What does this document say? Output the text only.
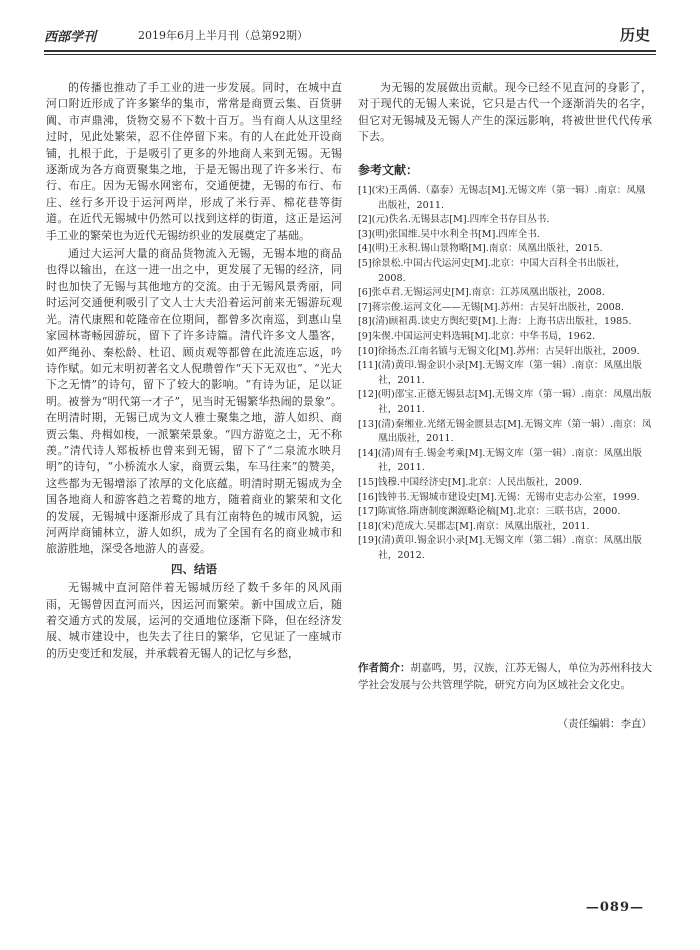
西部学刊	2019年6月上半月刊（总第92期）	历史

的传播也推动了手工业的进一步发展。同时，在城中直河口附近形成了许多繁华的集市，常常是商贾云集、百货骈阗、市声鼎沸，货物交易不下数十百万。当有商人从这里经过时，见此处繁荣，忍不住停留下来。有的人在此处开设商铺，扎根于此，于是吸引了更多的外地商人来到无锡。无锡逐渐成为各方商贾聚集之地，于是无锡出现了许多米行、布行、布庄。因为无锡水网密布，交通便捷，无锡的布行、布庄、丝行多开设于运河两岸，形成了米行弄、棉花巷等街道。在近代无锡城中仍然可以找到这样的街道，这正是运河手工业的繁荣也为近代无锡纺织业的发展奠定了基础。

通过大运河大量的商品货物流入无锡，无锡本地的商品也得以输出，在这一进一出之中，更发展了无锡的经济，同时也加快了无锡与其他地方的交流。由于无锡风景秀丽，同时运河交通便利吸引了文人士大夫沿着运河前来无锡游玩观光。清代康熙和乾隆帝在位期间，都曾多次南巡，到惠山皇家园林寄畅园游玩，留下了许多诗篇。清代许多文人墨客，如严绳孙、秦松龄、杜诏、顾贞观等都曾在此流连忘返，吟诗作赋。如元末明初著名文人倪瓒曾作“天下无双也”、“光大下之无情”的诗句，留下了较大的影响。“有诗为证，足以证明。被誉为“明代第一才子”，见当时无锡繁华热闹的景象”。在明清时期，无锡已成为文人雅士聚集之地，游人如织、商贾云集、舟楫如梭，一派繁荣景象。“四方游览之士，无不称羡。”清代诗人郑板桥也曾来到无锡，留下了“二泉流水映月明”的诗句，“小桥流水人家，商贾云集，车马往来”的赞美，这些都为无锡增添了浓厚的文化底蕴。明清时期无锡成为全国各地商人和游客趋之若鹜的地方，随着商业的繁荣和文化的发展，无锡城中逐渐形成了具有江南特色的城市风貌，运河两岸商铺林立，游人如织，成为了全国有名的商业城市和旅游胜地，深受各地游人的喜爱。

四、结语

无锡城中直河陪伴着无锡城历经了数千多年的风风雨雨，无锡曾因直河而兴，因运河而繁荣。新中国成立后，随着交通方式的发展，运河的交通地位逐渐下降，但在经济发展、城市建设中，也失去了往日的繁华，它见证了一座城市的历史变迁和发展，并承载着无锡人的记忆与乡愁，

为无锡的发展做出贡献。现今已经不见直河的身影了，对于现代的无锡人来说，它只是古代一个逐渐消失的名字，但它对无锡城及无锡人产生的深远影响，将被世世代代传承下去。

参考文献：

[1](宋)王禹偁.（嘉泰）无锡志[M].无锡文库（第一辑）.南京：凤凰出版社，2011.
[2](元)佚名.无锡县志[M].四库全书存目丛书.
[3](明)张国维.吴中水利全书[M].四库全书.
[4](明)王永积.锡山景物略[M].南京：凤凰出版社，2015.
[5]徐景松.中国古代运河史[M].北京：中国大百科全书出版社，2008.
[6]张卓君.无锡运河史[M].南京：江苏凤凰出版社，2008.
[7]蒋宗俊.运河文化——无锡[M].苏州：古吴轩出版社，2008.
[8](清)顾祖禹.读史方舆纪要[M].上海：上海书店出版社，1985.
[9]朱偰.中国运河史料选辑[M].北京：中华书局，1962.
[10]徐扬杰.江南名镇与无锡文化[M].苏州：古吴轩出版社，2009.
[11](清)黄印.锡金识小录[M].无锡文库（第一辑）.南京：凤凰出版社，2011.
[12](明)邵宝.正德无锡县志[M].无锡文库（第一辑）.南京：凤凰出版社，2011.
[13](清)秦缃业.光绪无锡金匮县志[M].无锡文库（第一辑）.南京：凤凰出版社，2011.
[14](清)周有壬.锡金考乘[M].无锡文库（第一辑）.南京：凤凰出版社，2011.
[15]钱穆.中国经济史[M].北京：人民出版社，2009.
[16]钱钟书.无锡城市建设史[M].无锡：无锡市史志办公室，1999.
[17]陈寅恪.隋唐制度渊源略论稿[M].北京：三联书店，2000.
[18](宋)范成大.吴郡志[M].南京：凤凰出版社，2011.
[19](清)黄卬.锡金识小录[M].无锡文库（第二辑）.南京：凤凰出版社，2012.
作者简介：胡嘉鸣，男，汉族，江苏无锡人，单位为苏州科技大学社会发展与公共管理学院，研究方向为区域社会文化史。
（责任编辑：李直）
—089—
